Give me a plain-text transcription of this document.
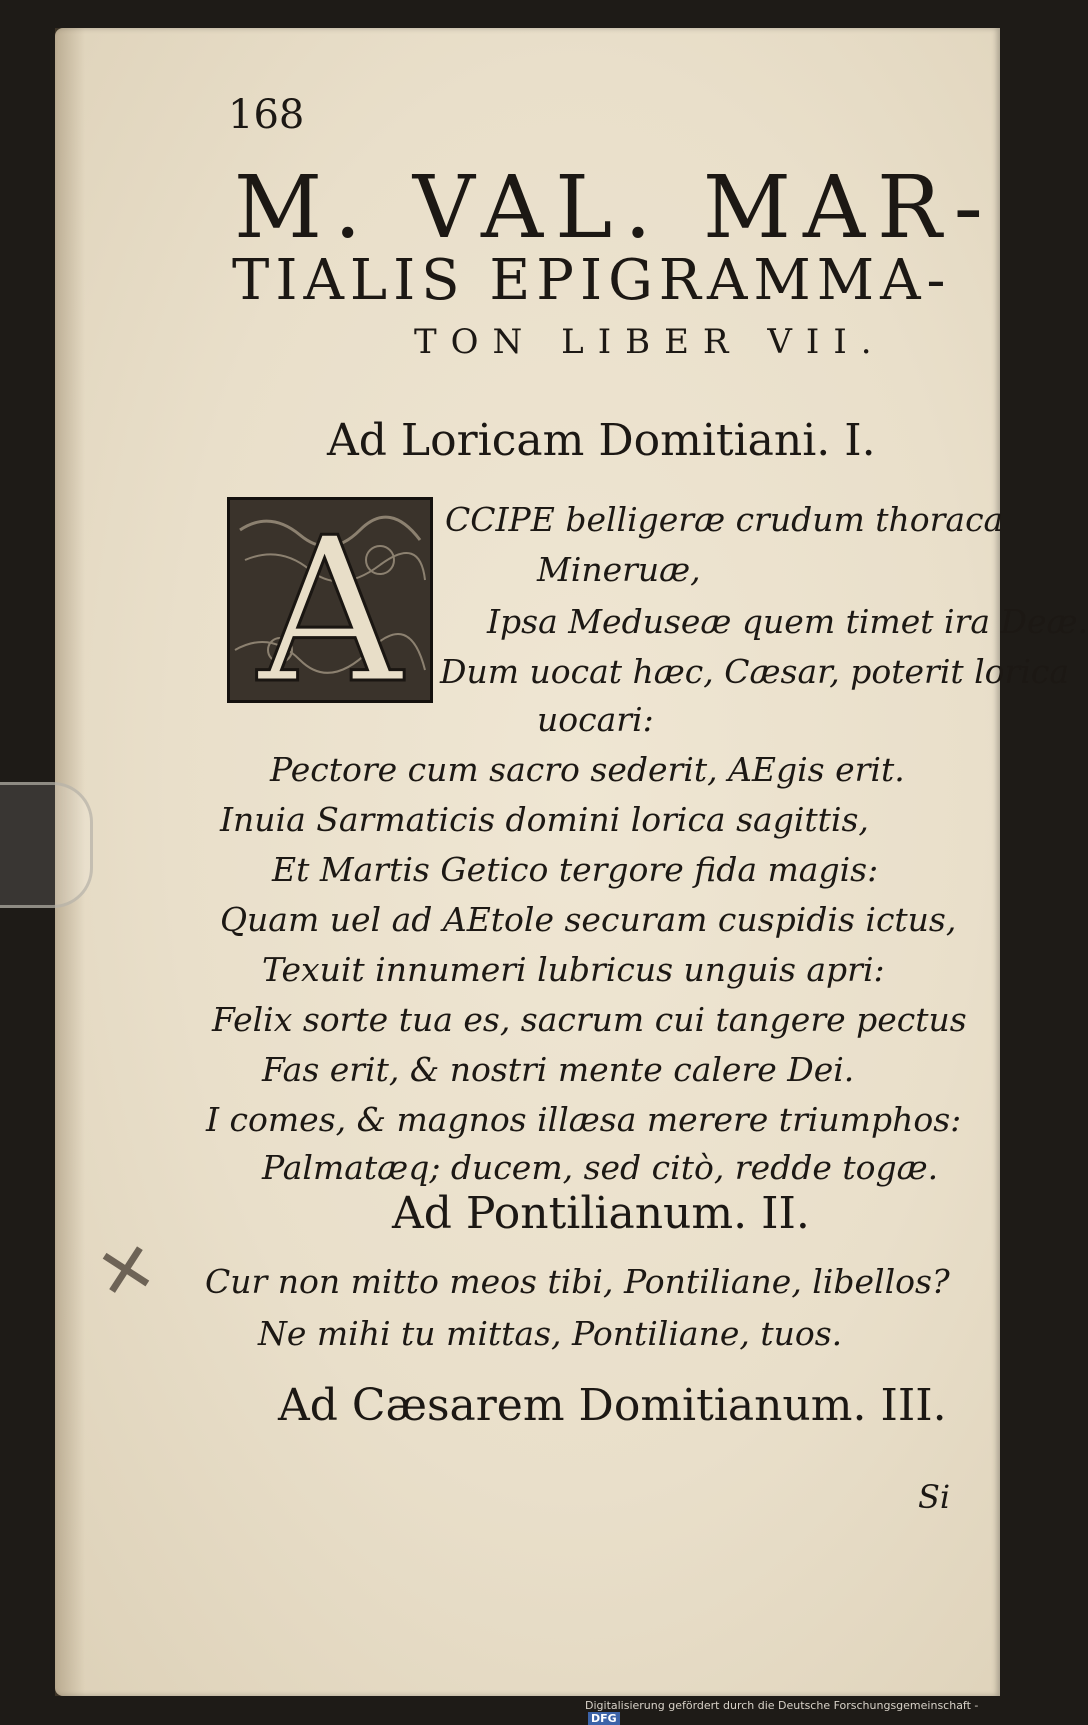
168
M. VAL. MAR-
TIALIS EPIGRAMMA-
TON LIBER VII.
Ad Loricam Domitiani. I.
A CCIPE belligeræ crudum thoraca
Mineruæ,
Ipsa Meduseæ quem timet ira Deæ.
Dum uocat hæc, Cæsar, poterit lorica
uocari:
Pectore cum sacro sederit, AEgis erit.
Inuia Sarmaticis domini lorica sagittis,
Et Martis Getico tergore fida magis:
Quam uel ad AEtole securam cuspidis ictus,
Texuit innumeri lubricus unguis apri:
Felix sorte tua es, sacrum cui tangere pectus
Fas erit, & nostri mente calere Dei.
I comes, & magnos illæsa merere triumphos:
Palmatæq; ducem, sed citò, redde togæ.
Ad Pontilianum. II.
Cur non mitto meos tibi, Pontiliane, libellos?
Ne mihi tu mittas, Pontiliane, tuos.
Ad Cæsarem Domitianum. III.
Si
✕
Digitalisierung gefördert durch die Deutsche Forschungsgemeinschaft -DFG
